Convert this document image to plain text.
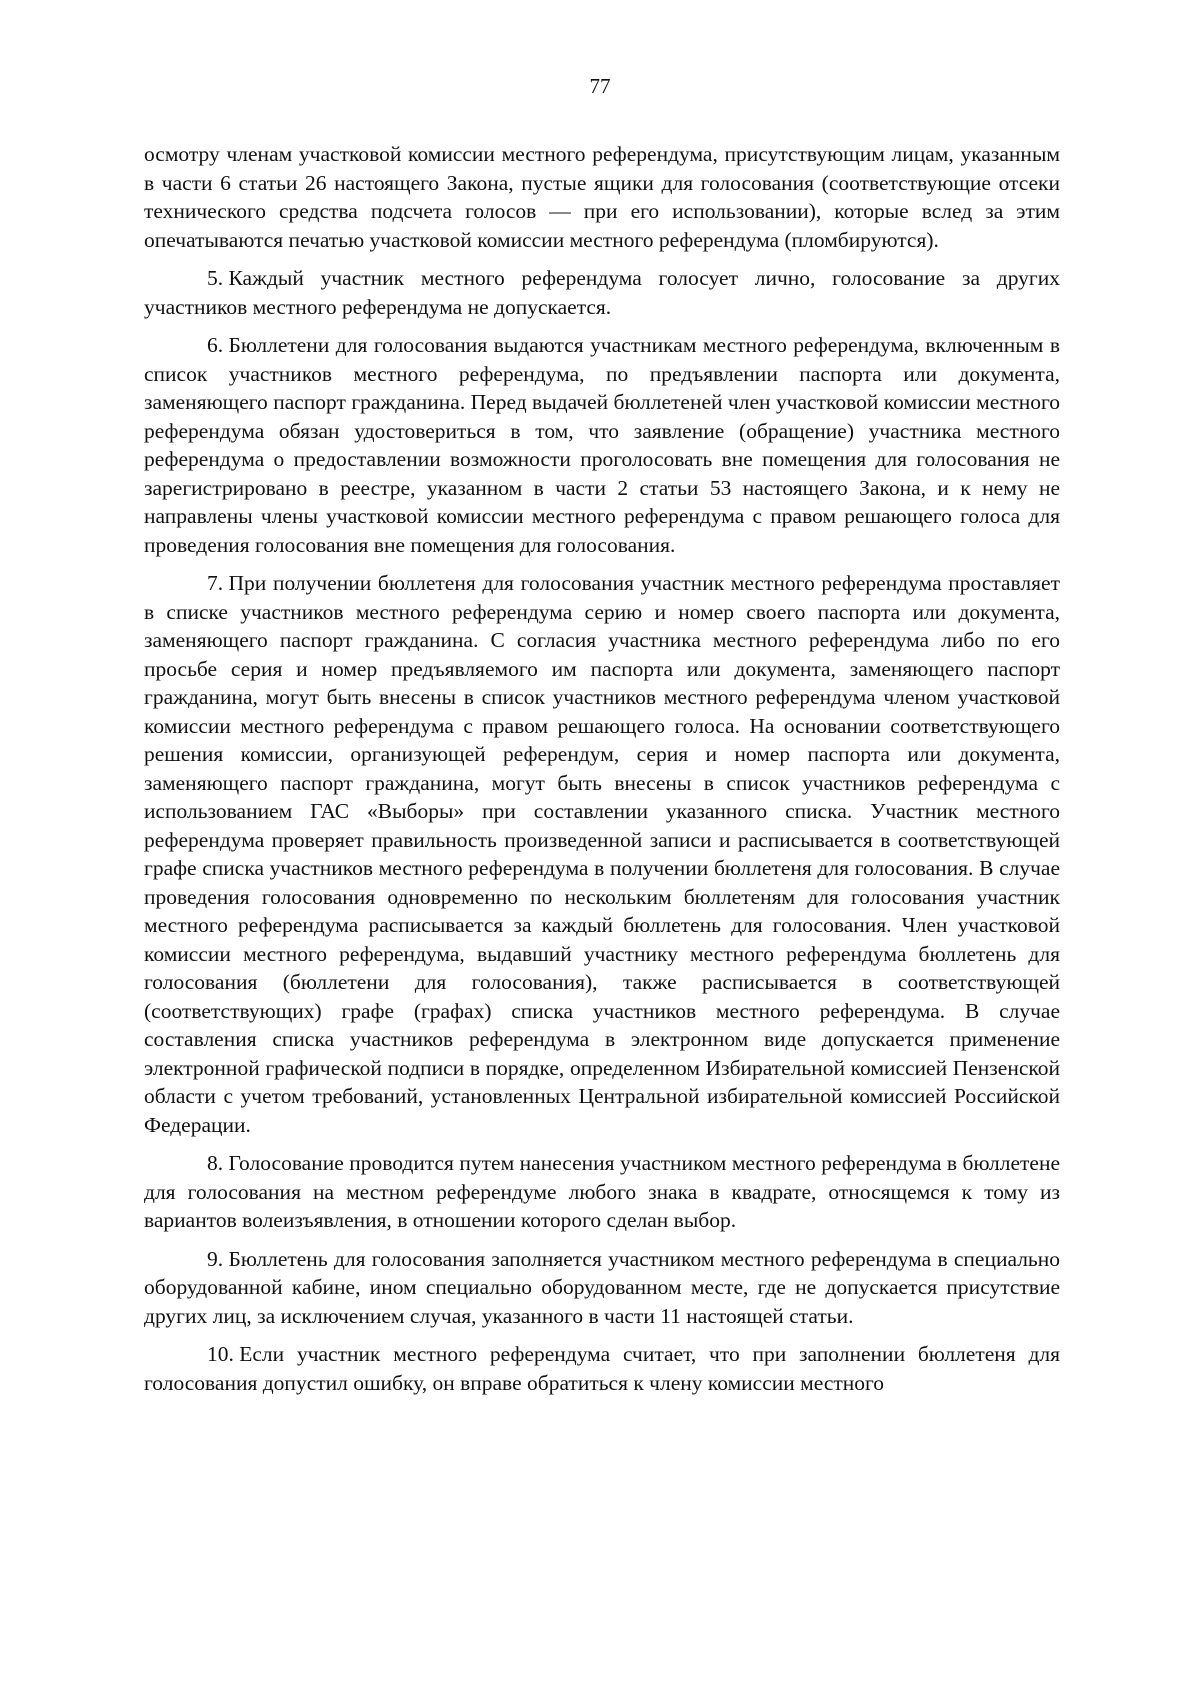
77

осмотру членам участковой комиссии местного референдума, присутствующим лицам, указанным в части 6 статьи 26 настоящего Закона, пустые ящики для голосования (соответствующие отсеки технического средства подсчета голосов — при его использовании), которые вслед за этим опечатываются печатью участковой комиссии местного референдума (пломбируются).

5. Каждый участник местного референдума голосует лично, голосование за других участников местного референдума не допускается.

6. Бюллетени для голосования выдаются участникам местного референдума, включенным в список участников местного референдума, по предъявлении паспорта или документа, заменяющего паспорт гражданина. Перед выдачей бюллетеней член участковой комиссии местного референдума обязан удостовериться в том, что заявление (обращение) участника местного референдума о предоставлении возможности проголосовать вне помещения для голосования не зарегистрировано в реестре, указанном в части 2 статьи 53 настоящего Закона, и к нему не направлены члены участковой комиссии местного референдума с правом решающего голоса для проведения голосования вне помещения для голосования.

7. При получении бюллетеня для голосования участник местного референдума проставляет в списке участников местного референдума серию и номер своего паспорта или документа, заменяющего паспорт гражданина. С согласия участника местного референдума либо по его просьбе серия и номер предъявляемого им паспорта или документа, заменяющего паспорт гражданина, могут быть внесены в список участников местного референдума членом участковой комиссии местного референдума с правом решающего голоса. На основании соответствующего решения комиссии, организующей референдум, серия и номер паспорта или документа, заменяющего паспорт гражданина, могут быть внесены в список участников референдума с использованием ГАС «Выборы» при составлении указанного списка. Участник местного референдума проверяет правильность произведенной записи и расписывается в соответствующей графе списка участников местного референдума в получении бюллетеня для голосования. В случае проведения голосования одновременно по нескольким бюллетеням для голосования участник местного референдума расписывается за каждый бюллетень для голосования. Член участковой комиссии местного референдума, выдавший участнику местного референдума бюллетень для голосования (бюллетени для голосования), также расписывается в соответствующей (соответствующих) графе (графах) списка участников местного референдума. В случае составления списка участников референдума в электронном виде допускается применение электронной графической подписи в порядке, определенном Избирательной комиссией Пензенской области с учетом требований, установленных Центральной избирательной комиссией Российской Федерации.

8. Голосование проводится путем нанесения участником местного референдума в бюллетене для голосования на местном референдуме любого знака в квадрате, относящемся к тому из вариантов волеизъявления, в отношении которого сделан выбор.

9. Бюллетень для голосования заполняется участником местного референдума в специально оборудованной кабине, ином специально оборудованном месте, где не допускается присутствие других лиц, за исключением случая, указанного в части 11 настоящей статьи.

10. Если участник местного референдума считает, что при заполнении бюллетеня для голосования допустил ошибку, он вправе обратиться к члену комиссии местного
